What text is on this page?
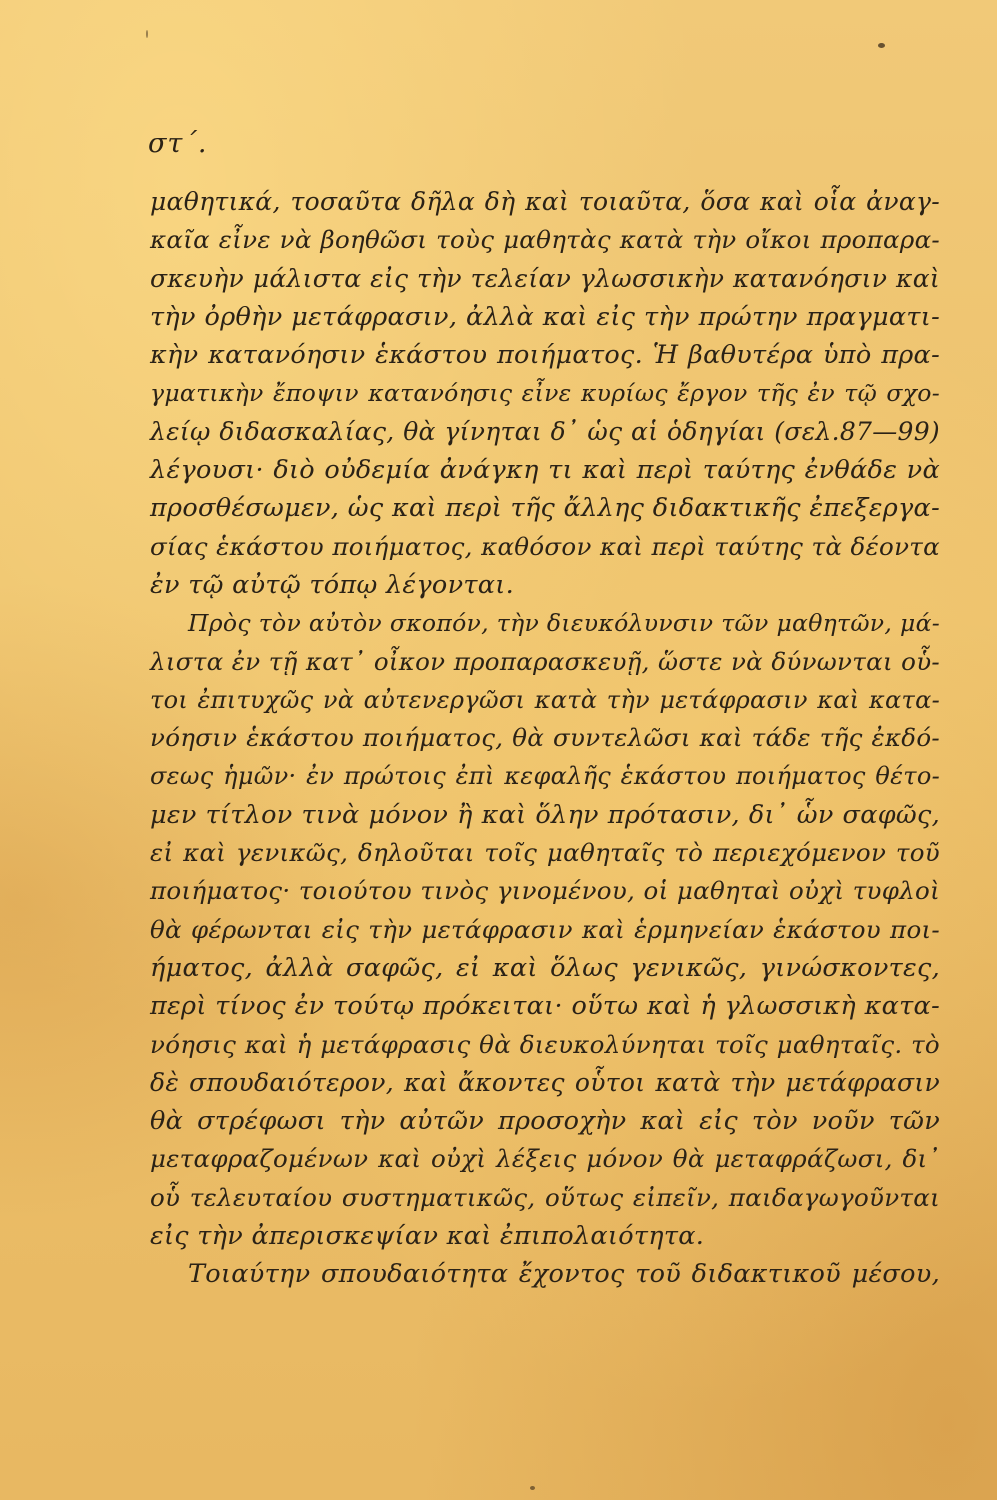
στ΄.
μαθητικά, τοσαῦτα δῆλα δὴ καὶ τοιαῦτα, ὅσα καὶ οἷα ἀναγ-
καῖα εἶνε νὰ βοηθῶσι τοὺς μαθητὰς κατὰ τὴν οἴκοι προπαρα-
σκευὴν μάλιστα εἰς τὴν τελείαν γλωσσικὴν κατανόησιν καὶ
τὴν ὀρθὴν μετάφρασιν, ἀλλὰ καὶ εἰς τὴν πρώτην πραγματι-
κὴν κατανόησιν ἑκάστου ποιήματος. Ἡ βαθυτέρα ὑπὸ πρα-
γματικὴν ἔποψιν κατανόησις εἶνε κυρίως ἔργον τῆς ἐν τῷ σχο-
λείῳ διδασκαλίας, θὰ γίνηται δ᾽ ὡς αἱ ὁδηγίαι (σελ.87—99)
λέγουσι· διὸ οὐδεμία ἀνάγκη τι καὶ περὶ ταύτης ἐνθάδε νὰ
προσθέσωμεν, ὡς καὶ περὶ τῆς ἄλλης διδακτικῆς ἐπεξεργα-
σίας ἑκάστου ποιήματος, καθόσον καὶ περὶ ταύτης τὰ δέοντα
ἐν τῷ αὐτῷ τόπῳ λέγονται.
Πρὸς τὸν αὐτὸν σκοπόν, τὴν διευκόλυνσιν τῶν μαθητῶν, μά-
λιστα ἐν τῇ κατ᾽ οἶκον προπαρασκευῇ, ὥστε νὰ δύνωνται οὗ-
τοι ἐπιτυχῶς νὰ αὐτενεργῶσι κατὰ τὴν μετάφρασιν καὶ κατα-
νόησιν ἑκάστου ποιήματος, θὰ συντελῶσι καὶ τάδε τῆς ἐκδό-
σεως ἡμῶν· ἐν πρώτοις ἐπὶ κεφαλῆς ἑκάστου ποιήματος θέτο-
μεν τίτλον τινὰ μόνον ἢ καὶ ὅλην πρότασιν, δι᾽ ὧν σαφῶς,
εἰ καὶ γενικῶς, δηλοῦται τοῖς μαθηταῖς τὸ περιεχόμενον τοῦ
ποιήματος· τοιούτου τινὸς γινομένου, οἱ μαθηταὶ οὐχὶ τυφλοὶ
θὰ φέρωνται εἰς τὴν μετάφρασιν καὶ ἑρμηνείαν ἑκάστου ποι-
ήματος, ἀλλὰ σαφῶς, εἰ καὶ ὅλως γενικῶς, γινώσκοντες,
περὶ τίνος ἐν τούτῳ πρόκειται· οὕτω καὶ ἡ γλωσσικὴ κατα-
νόησις καὶ ἡ μετάφρασις θὰ διευκολύνηται τοῖς μαθηταῖς. τὸ
δὲ σπουδαιότερον, καὶ ἄκοντες οὗτοι κατὰ τὴν μετάφρασιν
θὰ στρέφωσι τὴν αὐτῶν προσοχὴν καὶ εἰς τὸν νοῦν τῶν
μεταφραζομένων καὶ οὐχὶ λέξεις μόνον θὰ μεταφράζωσι, δι᾽
οὗ τελευταίου συστηματικῶς, οὕτως εἰπεῖν, παιδαγωγοῦνται
εἰς τὴν ἀπερισκεψίαν καὶ ἐπιπολαιότητα.
Τοιαύτην σπουδαιότητα ἔχοντος τοῦ διδακτικοῦ μέσου,
